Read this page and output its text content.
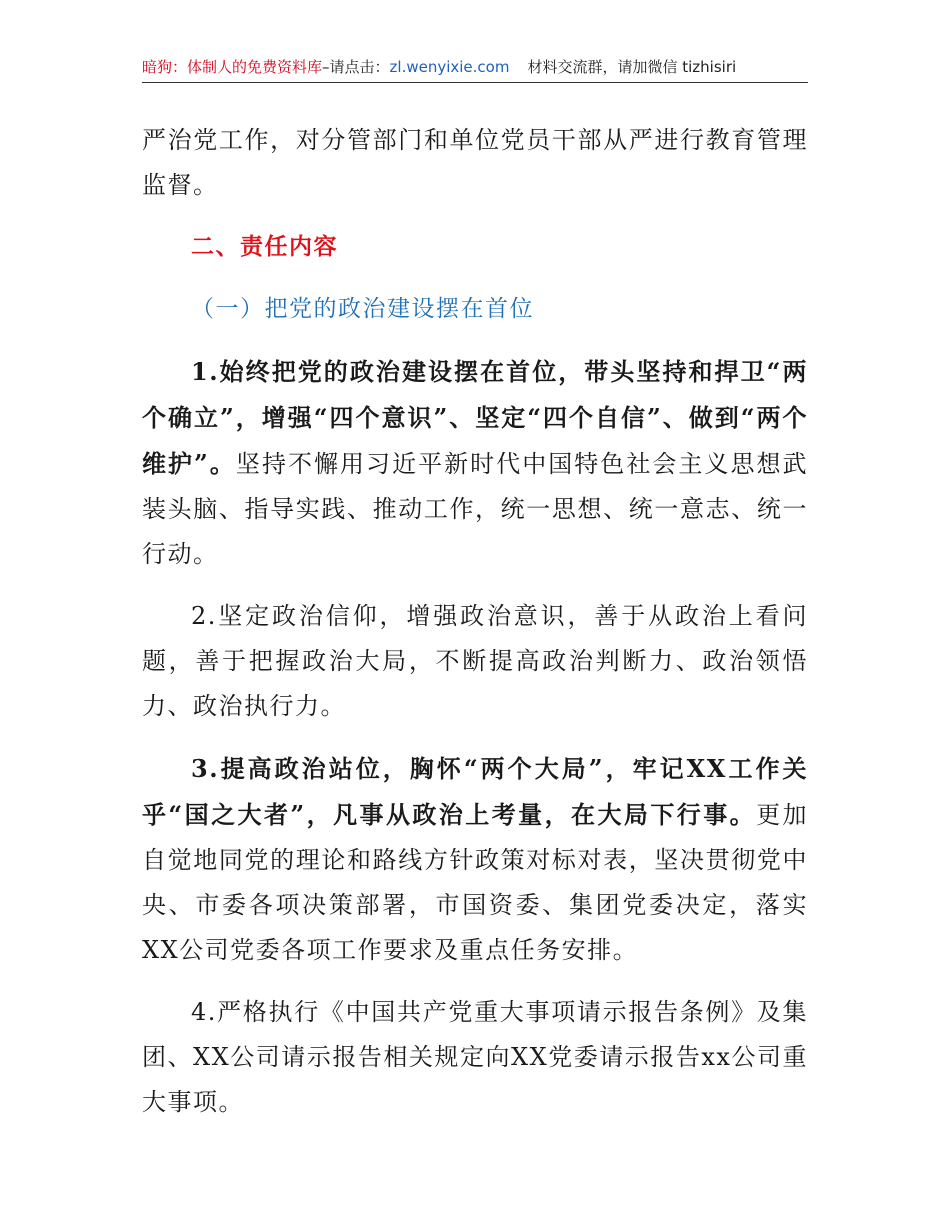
暗狗：体制人的免费资料库–请点击：zl.wenyixie.com 材料交流群，请加微信 tizhisiri

严治党工作，对分管部门和单位党员干部从严进行教育管理监督。

二、责任内容

（一）把党的政治建设摆在首位

1.始终把党的政治建设摆在首位，带头坚持和捍卫“两个确立”，增强“四个意识”、坚定“四个自信”、做到“两个维护”。坚持不懈用习近平新时代中国特色社会主义思想武装头脑、指导实践、推动工作，统一思想、统一意志、统一行动。

2.坚定政治信仰，增强政治意识，善于从政治上看问题，善于把握政治大局，不断提高政治判断力、政治领悟力、政治执行力。

3.提高政治站位，胸怀“两个大局”，牢记XX工作关乎“国之大者”，凡事从政治上考量，在大局下行事。更加自觉地同党的理论和路线方针政策对标对表，坚决贯彻党中央、市委各项决策部署，市国资委、集团党委决定，落实XX公司党委各项工作要求及重点任务安排。

4.严格执行《中国共产党重大事项请示报告条例》及集团、XX公司请示报告相关规定向XX党委请示报告xx公司重大事项。
